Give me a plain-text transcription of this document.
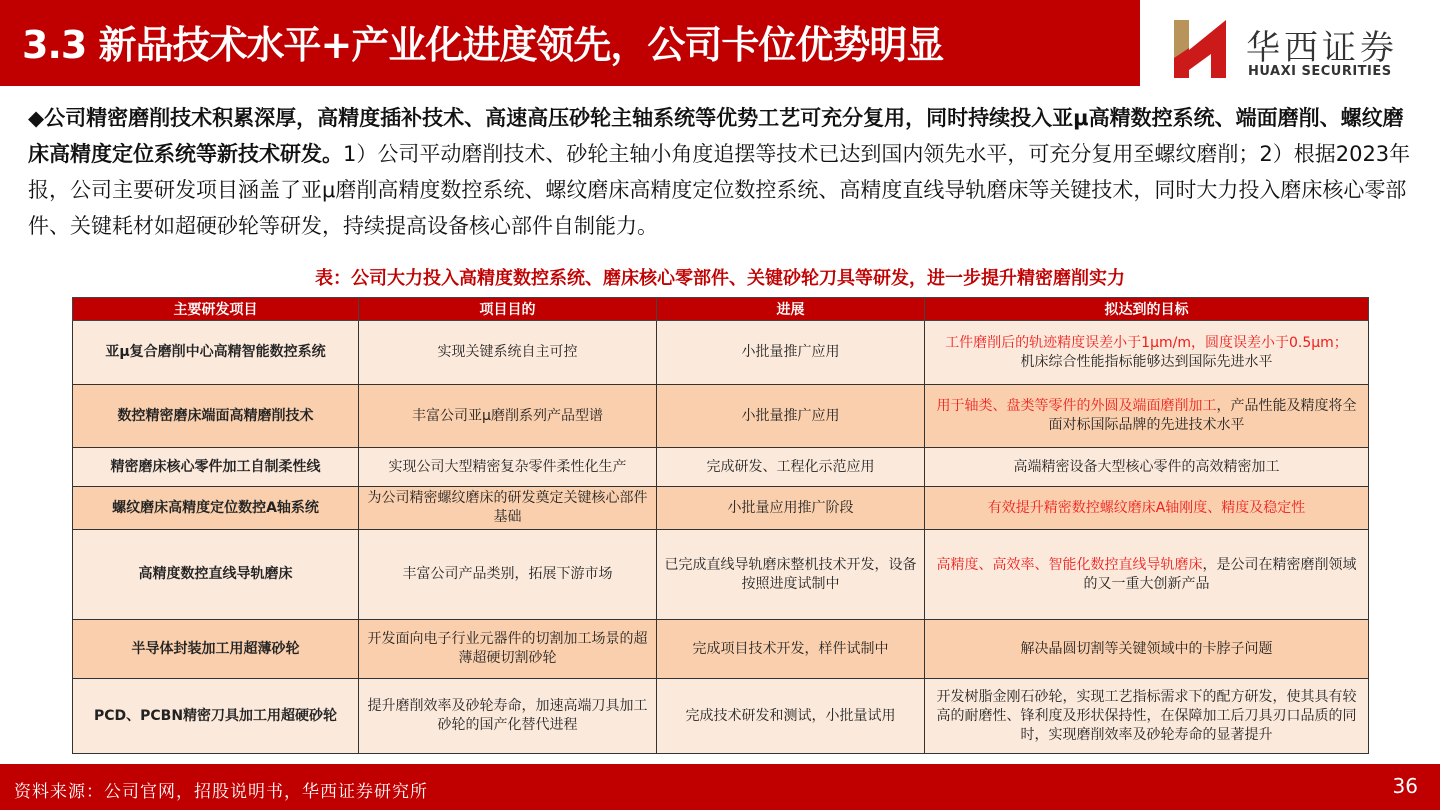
3.3 新品技术水平+产业化进度领先，公司卡位优势明显	华西证券
HUAXI SECURITIES
◆公司精密磨削技术积累深厚，高精度插补技术、高速高压砂轮主轴系统等优势工艺可充分复用，同时持续投入亚μ高精数控系统、端面磨削、螺纹磨床高精度定位系统等新技术研发。1）公司平动磨削技术、砂轮主轴小角度追摆等技术已达到国内领先水平，可充分复用至螺纹磨削；2）根据2023年报，公司主要研发项目涵盖了亚μ磨削高精度数控系统、螺纹磨床高精度定位数控系统、高精度直线导轨磨床等关键技术，同时大力投入磨床核心零部件、关键耗材如超硬砂轮等研发，持续提高设备核心部件自制能力。
表：公司大力投入高精度数控系统、磨床核心零部件、关键砂轮刀具等研发，进一步提升精密磨削实力
主要研发项目	项目目的	进展	拟达到的目标
亚μ复合磨削中心高精智能数控系统	实现关键系统自主可控	小批量推广应用	工件磨削后的轨迹精度误差小于1μm/m，圆度误差小于0.5μm；
机床综合性能指标能够达到国际先进水平
数控精密磨床端面高精磨削技术	丰富公司亚μ磨削系列产品型谱	小批量推广应用	用于轴类、盘类等零件的外圆及端面磨削加工，产品性能及精度将全面对标国际品牌的先进技术水平
精密磨床核心零件加工自制柔性线	实现公司大型精密复杂零件柔性化生产	完成研发、工程化示范应用	高端精密设备大型核心零件的高效精密加工
螺纹磨床高精度定位数控A轴系统	为公司精密螺纹磨床的研发奠定关键核心部件基础	小批量应用推广阶段	有效提升精密数控螺纹磨床A轴刚度、精度及稳定性
高精度数控直线导轨磨床	丰富公司产品类别，拓展下游市场	已完成直线导轨磨床整机技术开发，设备按照进度试制中	高精度、高效率、智能化数控直线导轨磨床，是公司在精密磨削领域的又一重大创新产品
半导体封装加工用超薄砂轮	开发面向电子行业元器件的切割加工场景的超薄超硬切割砂轮	完成项目技术开发，样件试制中	解决晶圆切割等关键领域中的卡脖子问题
PCD、PCBN精密刀具加工用超硬砂轮	提升磨削效率及砂轮寿命，加速高端刀具加工砂轮的国产化替代进程	完成技术研发和测试，小批量试用	开发树脂金刚石砂轮，实现工艺指标需求下的配方研发，使其具有较高的耐磨性、锋利度及形状保持性，在保障加工后刀具刃口品质的同时，实现磨削效率及砂轮寿命的显著提升
资料来源：公司官网，招股说明书，华西证券研究所	36
